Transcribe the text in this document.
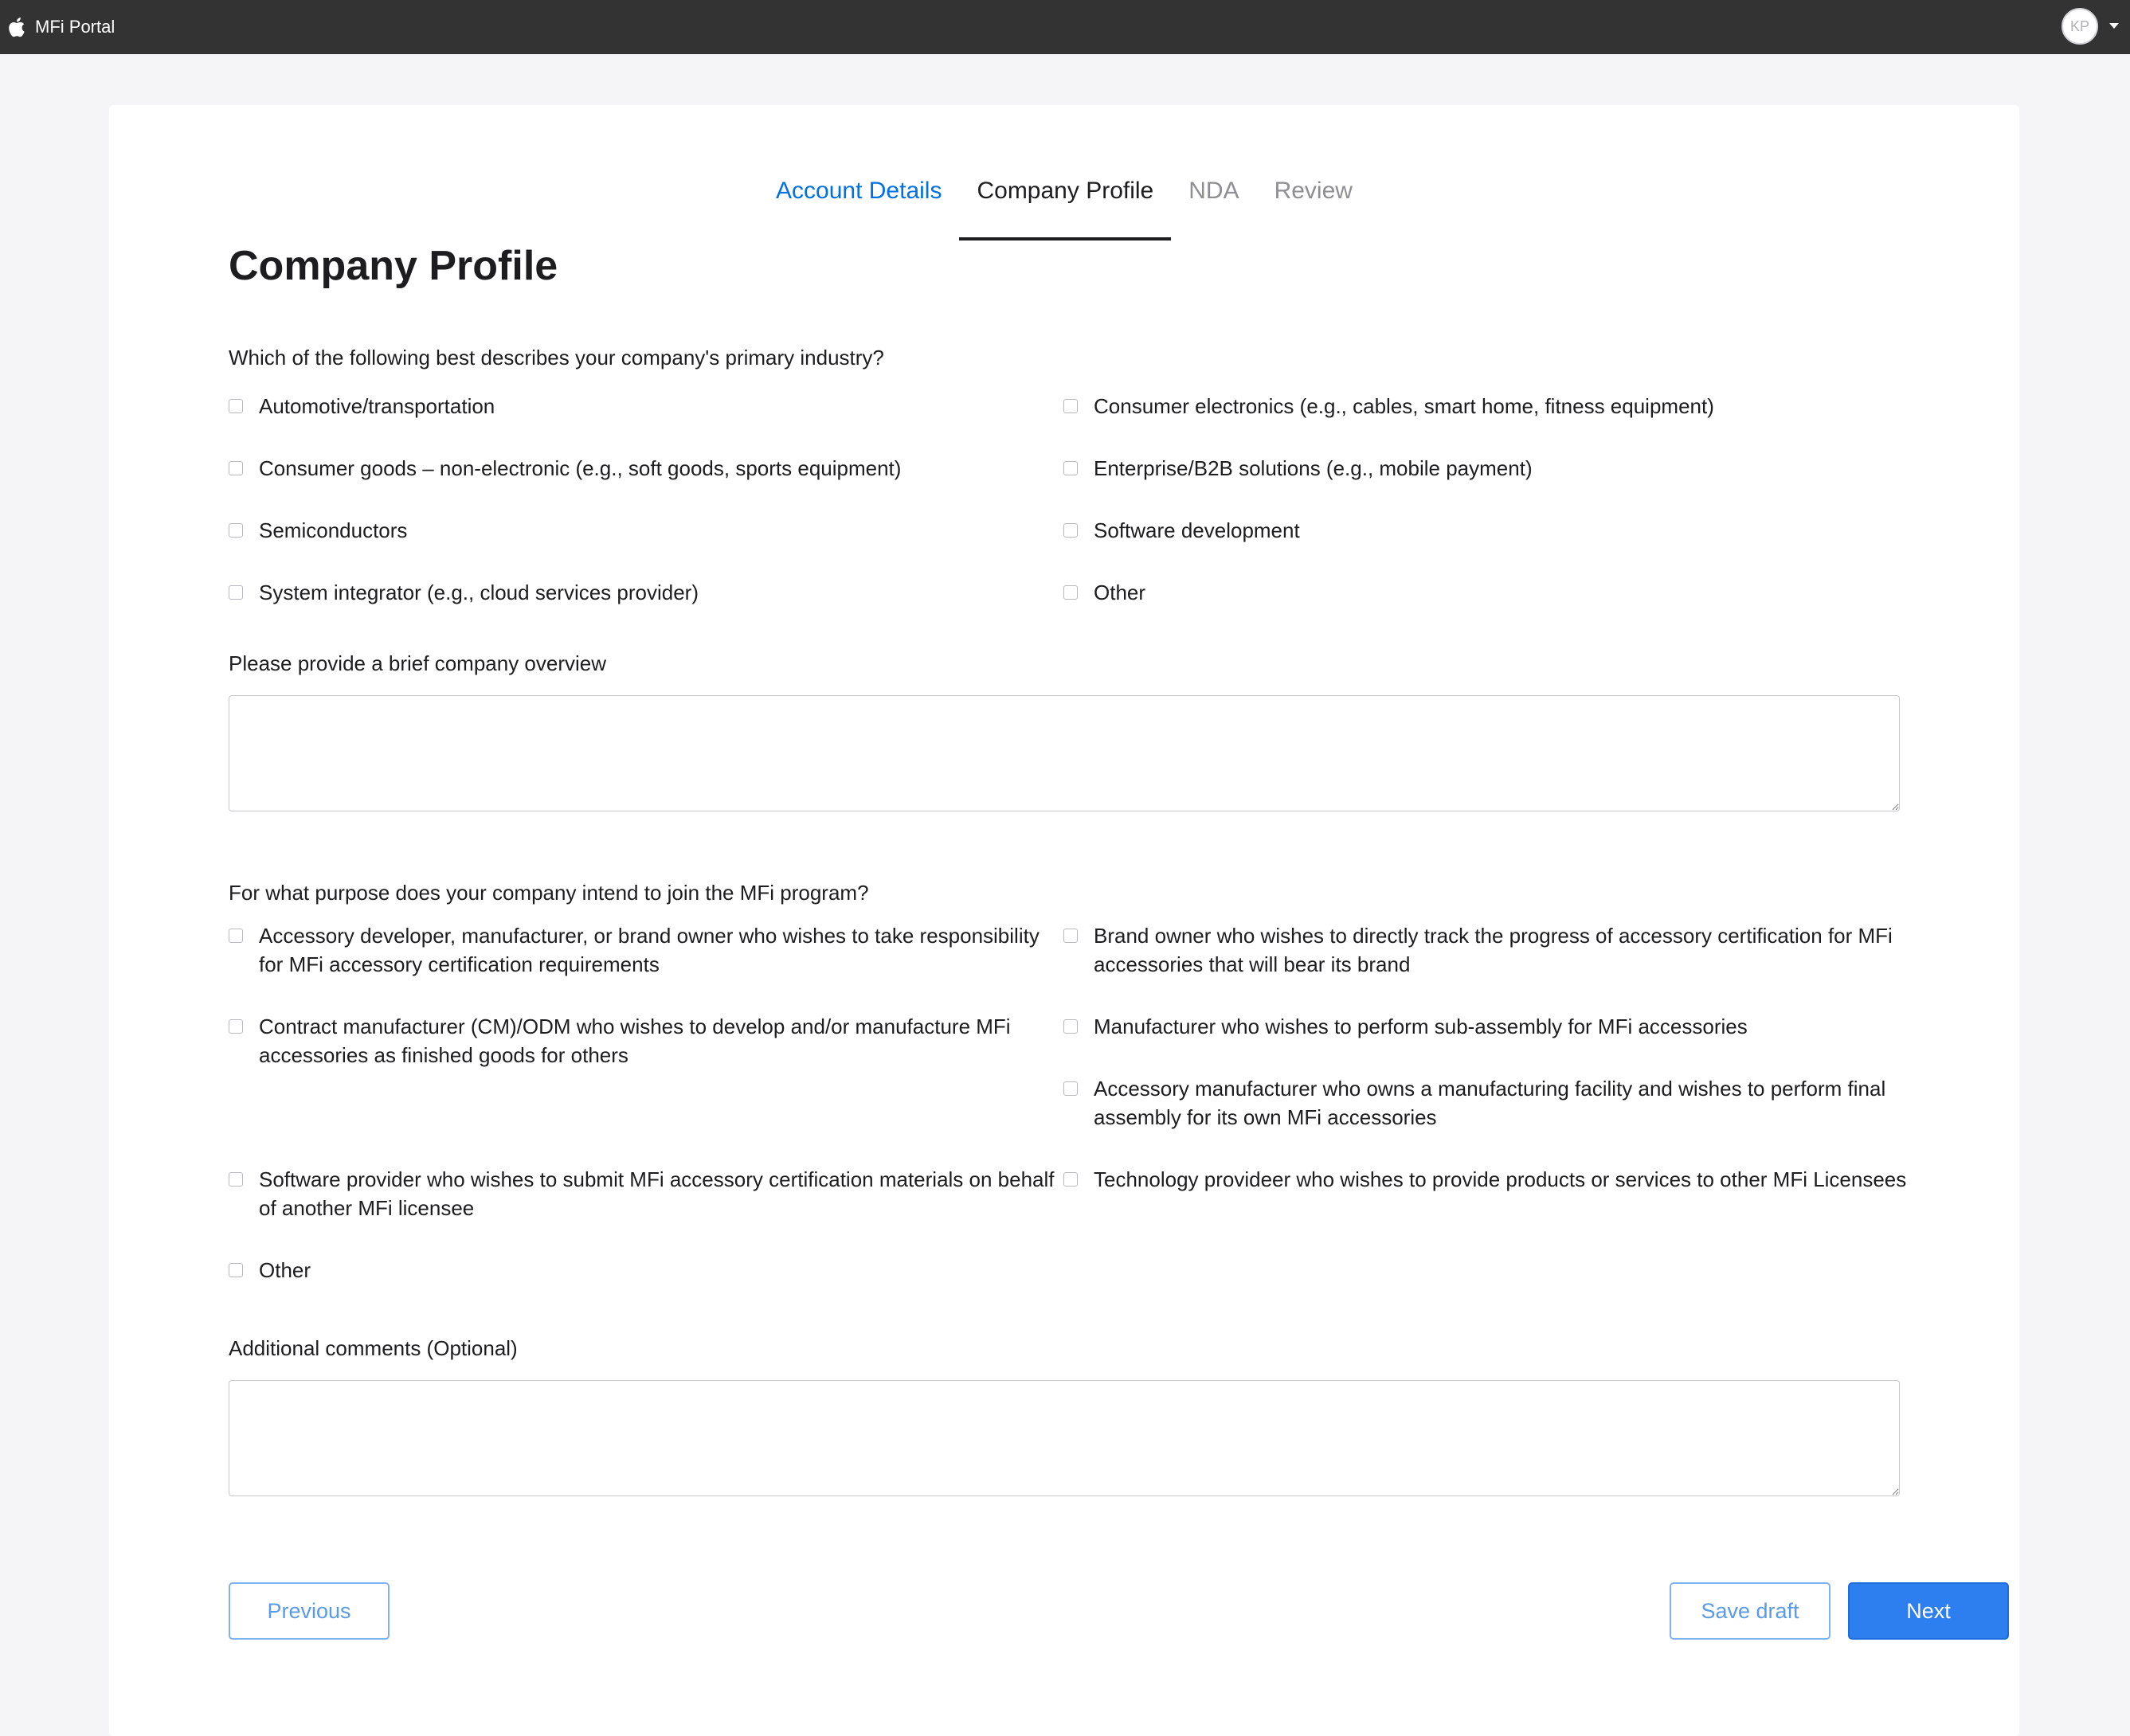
MFi Portal	KP
Account Details	Company Profile	NDA	Review
Company Profile
Which of the following best describes your company's primary industry?
Automotive/transportation	Consumer electronics (e.g., cables, smart home, fitness equipment)
Consumer goods – non-electronic (e.g., soft goods, sports equipment)	Enterprise/B2B solutions (e.g., mobile payment)
Semiconductors	Software development
System integrator (e.g., cloud services provider)	Other
Please provide a brief company overview
For what purpose does your company intend to join the MFi program?
Accessory developer, manufacturer, or brand owner who wishes to take responsibility for MFi accessory certification requirements
Brand owner who wishes to directly track the progress of accessory certification for MFi accessories that will bear its brand
Contract manufacturer (CM)/ODM who wishes to develop and/or manufacture MFi accessories as finished goods for others
Manufacturer who wishes to perform sub-assembly for MFi accessories
Accessory manufacturer who owns a manufacturing facility and wishes to perform final assembly for its own MFi accessories
Software provider who wishes to submit MFi accessory certification materials on behalf of another MFi licensee
Technology provideer who wishes to provide products or services to other MFi Licensees
Other
Additional comments (Optional)
Previous	Save draft	Next
